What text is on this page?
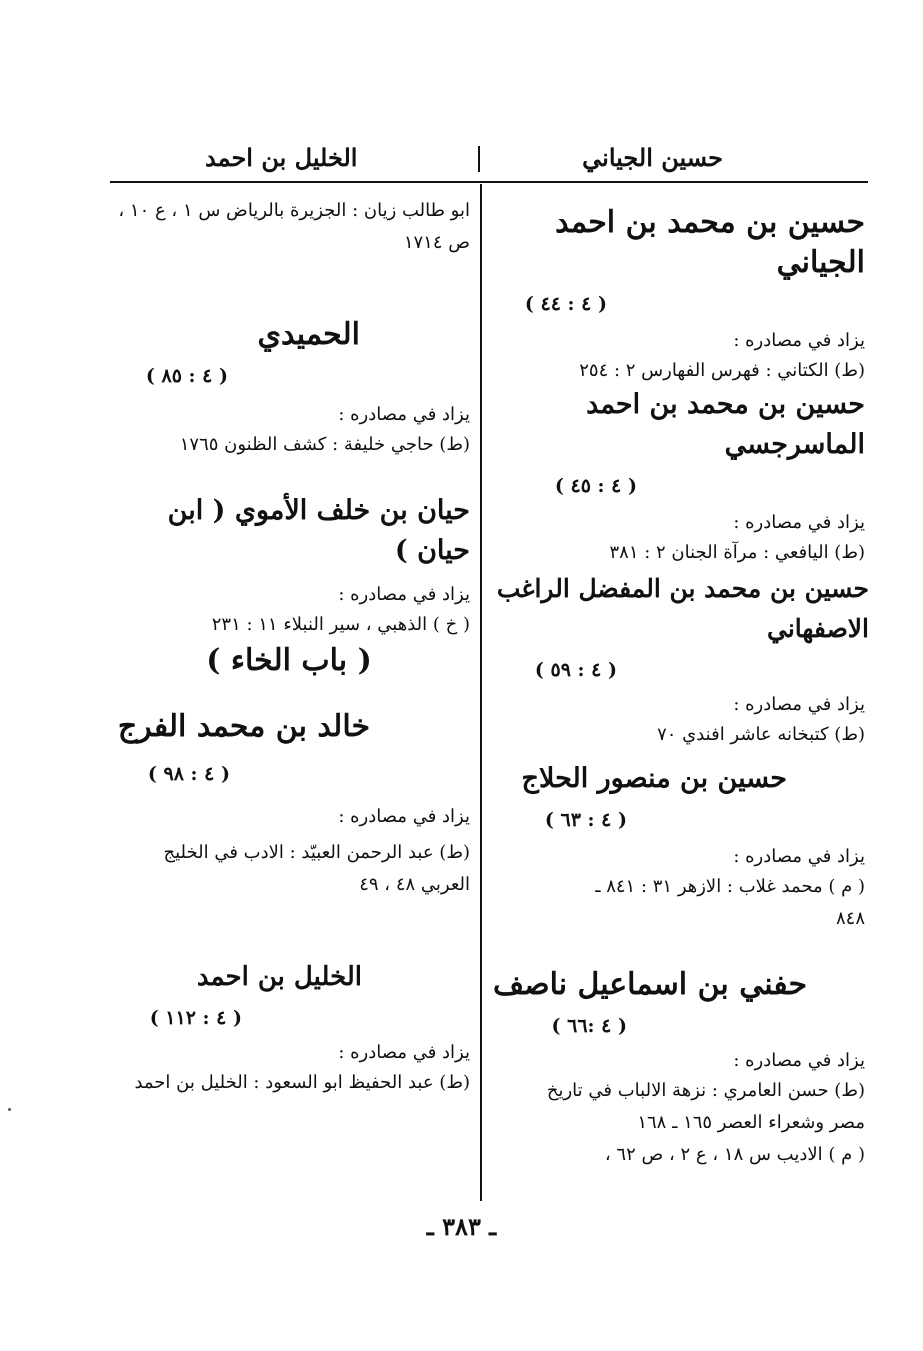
حسين الجياني
الخليل بن احمد
حسين بن محمد بن احمد الجياني
( ٤ : ٤٤ )
يزاد في مصادره :
(ط) الكتاني : فهرس الفهارس ٢ : ٢٥٤
حسين بن محمد بن احمد الماسرجسي
( ٤ : ٤٥ )
يزاد في مصادره :
(ط) اليافعي : مرآة الجنان ٢ : ٣٨١
حسين بن محمد بن المفضل الراغب الاصفهاني
( ٤ : ٥٩ )
يزاد في مصادره :
(ط) كتبخانه عاشر افندي ٧٠
حسين بن منصور الحلاج
( ٤ : ٦٣ )
يزاد في مصادره :
( م ) محمد غلاب : الازهر ٣١ : ٨٤١ ـ
٨٤٨
حفني بن اسماعيل ناصف
( ٤ :٦٦ )
يزاد في مصادره :
(ط) حسن العامري : نزهة الالباب في تاريخ
مصر وشعراء العصر ١٦٥ ـ ١٦٨
( م ) الاديب س ١٨ ، ع ٢ ، ص ٦٢ ،
ابو طالب زيان : الجزيرة بالرياض س ١ ، ع ١٠ ،
ص ١٧١٤
الحميدي
( ٤ : ٨٥ )
يزاد في مصادره :
(ط) حاجي خليفة : كشف الظنون ١٧٦٥
حيان بن خلف الأموي ( ابن حيان )
يزاد في مصادره :
( خ ) الذهبي ، سير النبلاء ١١ : ٢٣١
( باب الخاء )
خالد بن محمد الفرج
( ٤ : ٩٨ )
يزاد في مصادره :
(ط) عبد الرحمن العبيّد : الادب في الخليج
العربي ٤٨ ، ٤٩
الخليل بن احمد
( ٤ : ١١٢ )
يزاد في مصادره :
(ط) عبد الحفيظ ابو السعود : الخليل بن احمد
ـ ٣٨٣ ـ
